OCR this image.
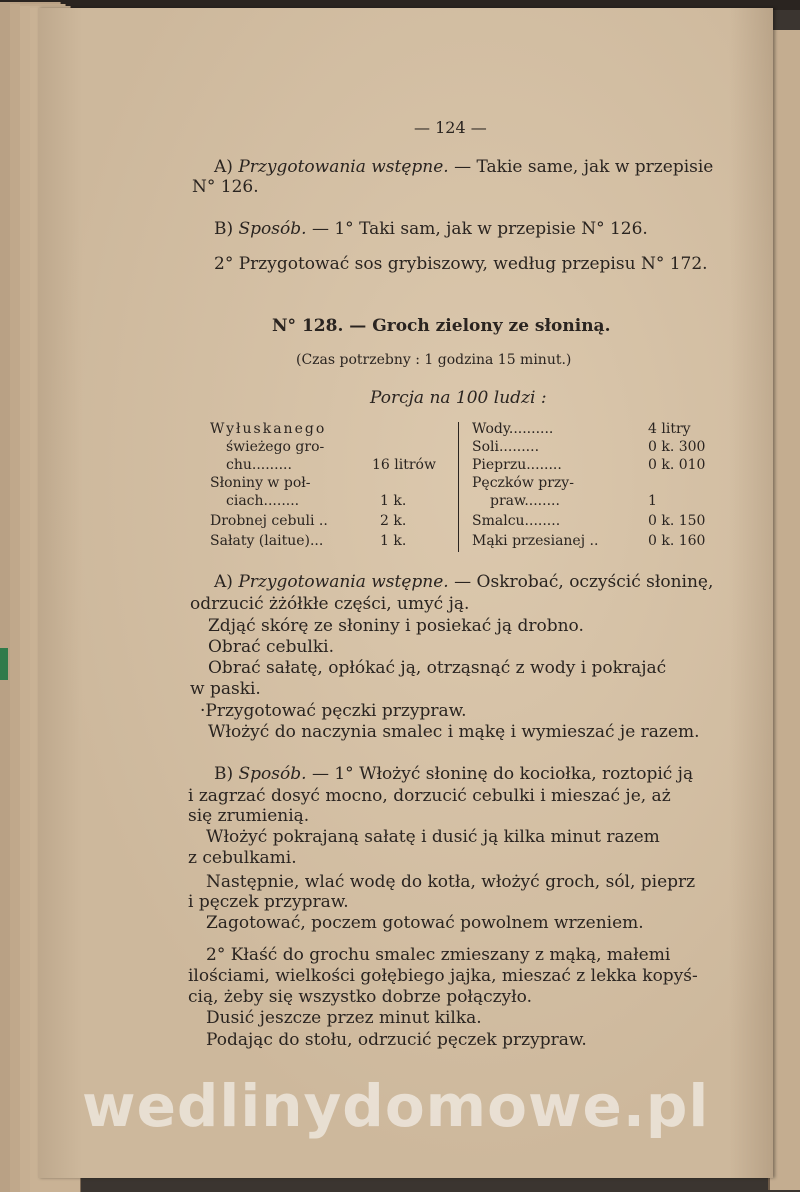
— 124 —
A) Przygotowania wstępne. — Takie same, jak w przepisie
N° 126.
B) Sposób. — 1° Taki sam, jak w przepisie N° 126.
2° Przygotować sos grybiszowy, według przepisu N° 172.
N° 128. — Groch zielony ze słoniną.
(Czas potrzebny : 1 godzina 15 minut.)
Porcja na 100 ludzi :
Wyłuskanego
świeżego gro-
chu.........	16 litrów
Słoniny w poł-
ciach........	1 k.
Drobnej cebuli ..	2 k.
Sałaty (laitue)...	1 k.
Wody..........	4 litry
Soli.........	0 k. 300
Pieprzu........	0 k. 010
Pęczków przy-
praw........	1
Smalcu........	0 k. 150
Mąki przesianej ..	0 k. 160
A) Przygotowania wstępne. — Oskrobać, oczyścić słoninę,
odrzucić żżółkłe części, umyć ją.
Zdjąć skórę ze słoniny i posiekać ją drobno.
Obrać cebulki.
Obrać sałatę, opłókać ją, otrząsnąć z wody i pokrajać
w paski.
·Przygotować pęczki przypraw.
Włożyć do naczynia smalec i mąkę i wymieszać je razem.
B) Sposób. — 1° Włożyć słoninę do kociołka, roztopić ją
i zagrzać dosyć mocno, dorzucić cebulki i mieszać je, aż
się zrumienią.
Włożyć pokrajaną sałatę i dusić ją kilka minut razem
z cebulkami.
Następnie, wlać wodę do kotła, włożyć groch, sól, pieprz
i pęczek przypraw.
Zagotować, poczem gotować powolnem wrzeniem.
2° Kłaść do grochu smalec zmieszany z mąką, małemi
ilościami, wielkości gołębiego jajka, mieszać z lekka kopyś-
cią, żeby się wszystko dobrze połączyło.
Dusić jeszcze przez minut kilka.
Podając do stołu, odrzucić pęczek przypraw.
wedlinydomowe.pl
